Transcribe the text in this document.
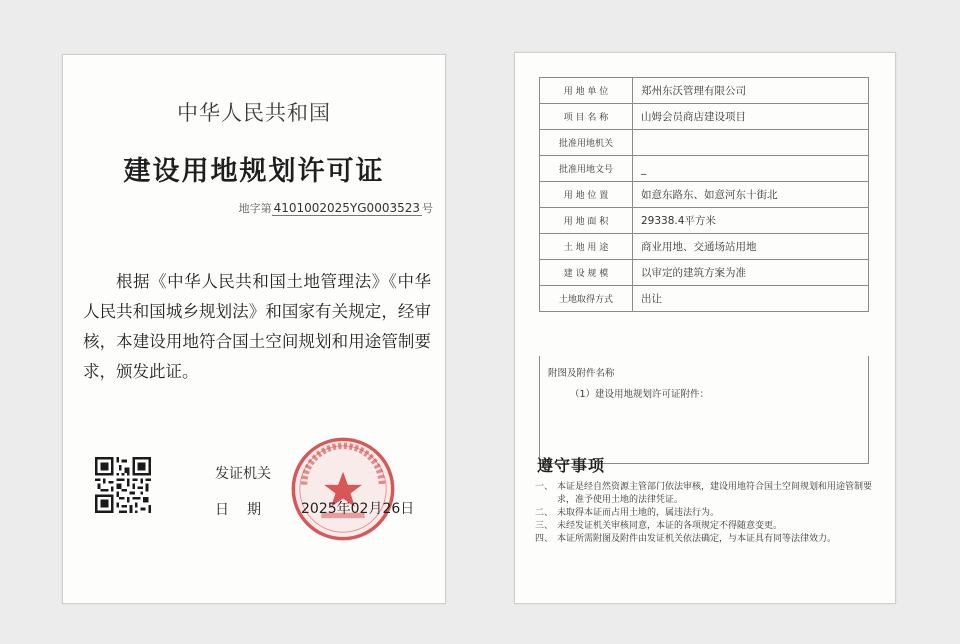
中华人民共和国
建设用地规划许可证
地字第 4101002025YG0003523 号
根据《中华人民共和国土地管理法》《中华人民共和国城乡规划法》和国家有关规定，经审核，本建设用地符合国土空间规划和用途管制要求，颁发此证。
发证机关
日期 2025年02月26日
用 地 单 位	郑州东沃管理有限公司
项 目 名 称	山姆会员商店建设项目
批准用地机关	
批准用地文号	_
用 地 位 置	如意东路东、如意河东十街北
用 地 面 积	29338.4平方米
土 地 用 途	商业用地、交通场站用地
建 设 规 模	以审定的建筑方案为准
土地取得方式	出让
附图及附件名称
（1）建设用地规划许可证附件：
遵守事项
一、 本证是经自然资源主管部门依法审核，建设用地符合国土空间规划和用途管制要求，准予使用土地的法律凭证。
二、 未取得本证而占用土地的，属违法行为。
三、 未经发证机关审核同意，本证的各项规定不得随意变更。
四、 本证所需附图及附件由发证机关依法确定，与本证具有同等法律效力。
